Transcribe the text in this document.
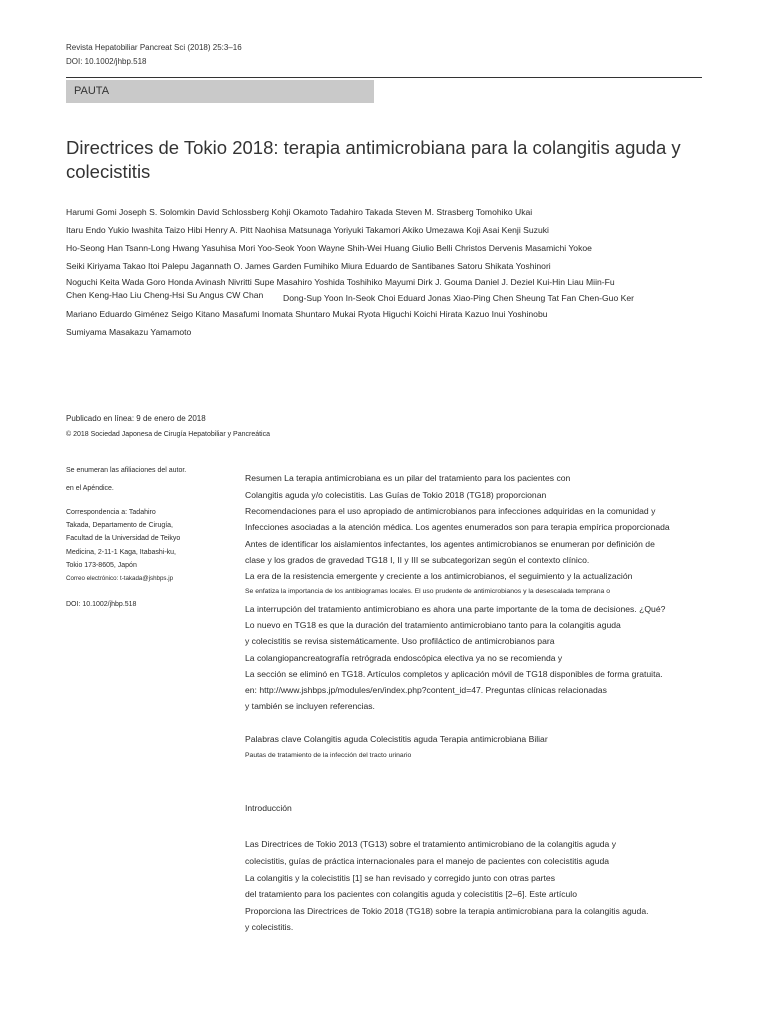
Revista Hepatobiliar Pancreat Sci (2018) 25:3–16
DOI: 10.1002/jhbp.518
PAUTA
Directrices de Tokio 2018: terapia antimicrobiana para la colangitis aguda y colecistitis
Harumi Gomi Joseph S. Solomkin David Schlossberg Kohji Okamoto Tadahiro Takada Steven M. Strasberg Tomohiko Ukai
Itaru Endo Yukio Iwashita Taizo Hibi Henry A. Pitt Naohisa Matsunaga Yoriyuki Takamori Akiko Umezawa Koji Asai Kenji Suzuki
Ho-Seong Han Tsann-Long Hwang Yasuhisa Mori Yoo-Seok Yoon Wayne Shih-Wei Huang Giulio Belli Christos Dervenis Masamichi Yokoe
Seiki Kiriyama Takao Itoi Palepu Jagannath O. James Garden Fumihiko Miura Eduardo de Santibanes Satoru Shikata Yoshinori
Noguchi Keita Wada Goro Honda Avinash Nivritti Supe Masahiro Yoshida Toshihiko Mayumi Dirk J. Gouma Daniel J. Deziel Kui-Hin Liau Miin-Fu
Chen Keng-Hao Liu Cheng-Hsi Su Angus CW Chan Dong-Sup Yoon In-Seok Choi Eduard Jonas Xiao-Ping Chen Sheung Tat Fan Chen-Guo Ker
Mariano Eduardo Giménez Seigo Kitano Masafumi Inomata Shuntaro Mukai Ryota Higuchi Koichi Hirata Kazuo Inui Yoshinobu
Sumiyama Masakazu Yamamoto
Publicado en línea: 9 de enero de 2018
© 2018 Sociedad Japonesa de Cirugía Hepatobiliar y Pancreática
Se enumeran las afiliaciones del autor.
en el Apéndice.
Correspondencia a: Tadahiro
Takada, Departamento de Cirugía,
Facultad de la Universidad de Teikyo
Medicina, 2-11-1 Kaga, Itabashi-ku,
Tokio 173-8605, Japón
Correo electrónico: t-takada@jshbps.jp
DOI: 10.1002/jhbp.518
Resumen La terapia antimicrobiana es un pilar del tratamiento para los pacientes con
Colangitis aguda y/o colecistitis. Las Guías de Tokio 2018 (TG18) proporcionan
Recomendaciones para el uso apropiado de antimicrobianos para infecciones adquiridas en la comunidad y
Infecciones asociadas a la atención médica. Los agentes enumerados son para terapia empírica proporcionada
Antes de identificar los aislamientos infectantes, los agentes antimicrobianos se enumeran por definición de
clase y los grados de gravedad TG18 I, II y III se subcategorizan según el contexto clínico.
La era de la resistencia emergente y creciente a los antimicrobianos, el seguimiento y la actualización
Se enfatiza la importancia de los antibiogramas locales. El uso prudente de antimicrobianos y la desescalada temprana o
La interrupción del tratamiento antimicrobiano es ahora una parte importante de la toma de decisiones. ¿Qué?
Lo nuevo en TG18 es que la duración del tratamiento antimicrobiano tanto para la colangitis aguda
y colecistitis se revisa sistemáticamente. Uso profiláctico de antimicrobianos para
La colangiopancreatografía retrógrada endoscópica electiva ya no se recomienda y
La sección se eliminó en TG18. Artículos completos y aplicación móvil de TG18 disponibles de forma gratuita.
en: http://www.jshbps.jp/modules/en/index.php?content_id=47. Preguntas clínicas relacionadas
y también se incluyen referencias.
Palabras clave Colangitis aguda Colecistitis aguda Terapia antimicrobiana Biliar
Pautas de tratamiento de la infección del tracto urinario
Introducción
Las Directrices de Tokio 2013 (TG13) sobre el tratamiento antimicrobiano de la colangitis aguda y
colecistitis, guías de práctica internacionales para el manejo de pacientes con colecistitis aguda
La colangitis y la colecistitis [1] se han revisado y corregido junto con otras partes
del tratamiento para los pacientes con colangitis aguda y colecistitis [2–6]. Este artículo
Proporciona las Directrices de Tokio 2018 (TG18) sobre la terapia antimicrobiana para la colangitis aguda.
y colecistitis.
